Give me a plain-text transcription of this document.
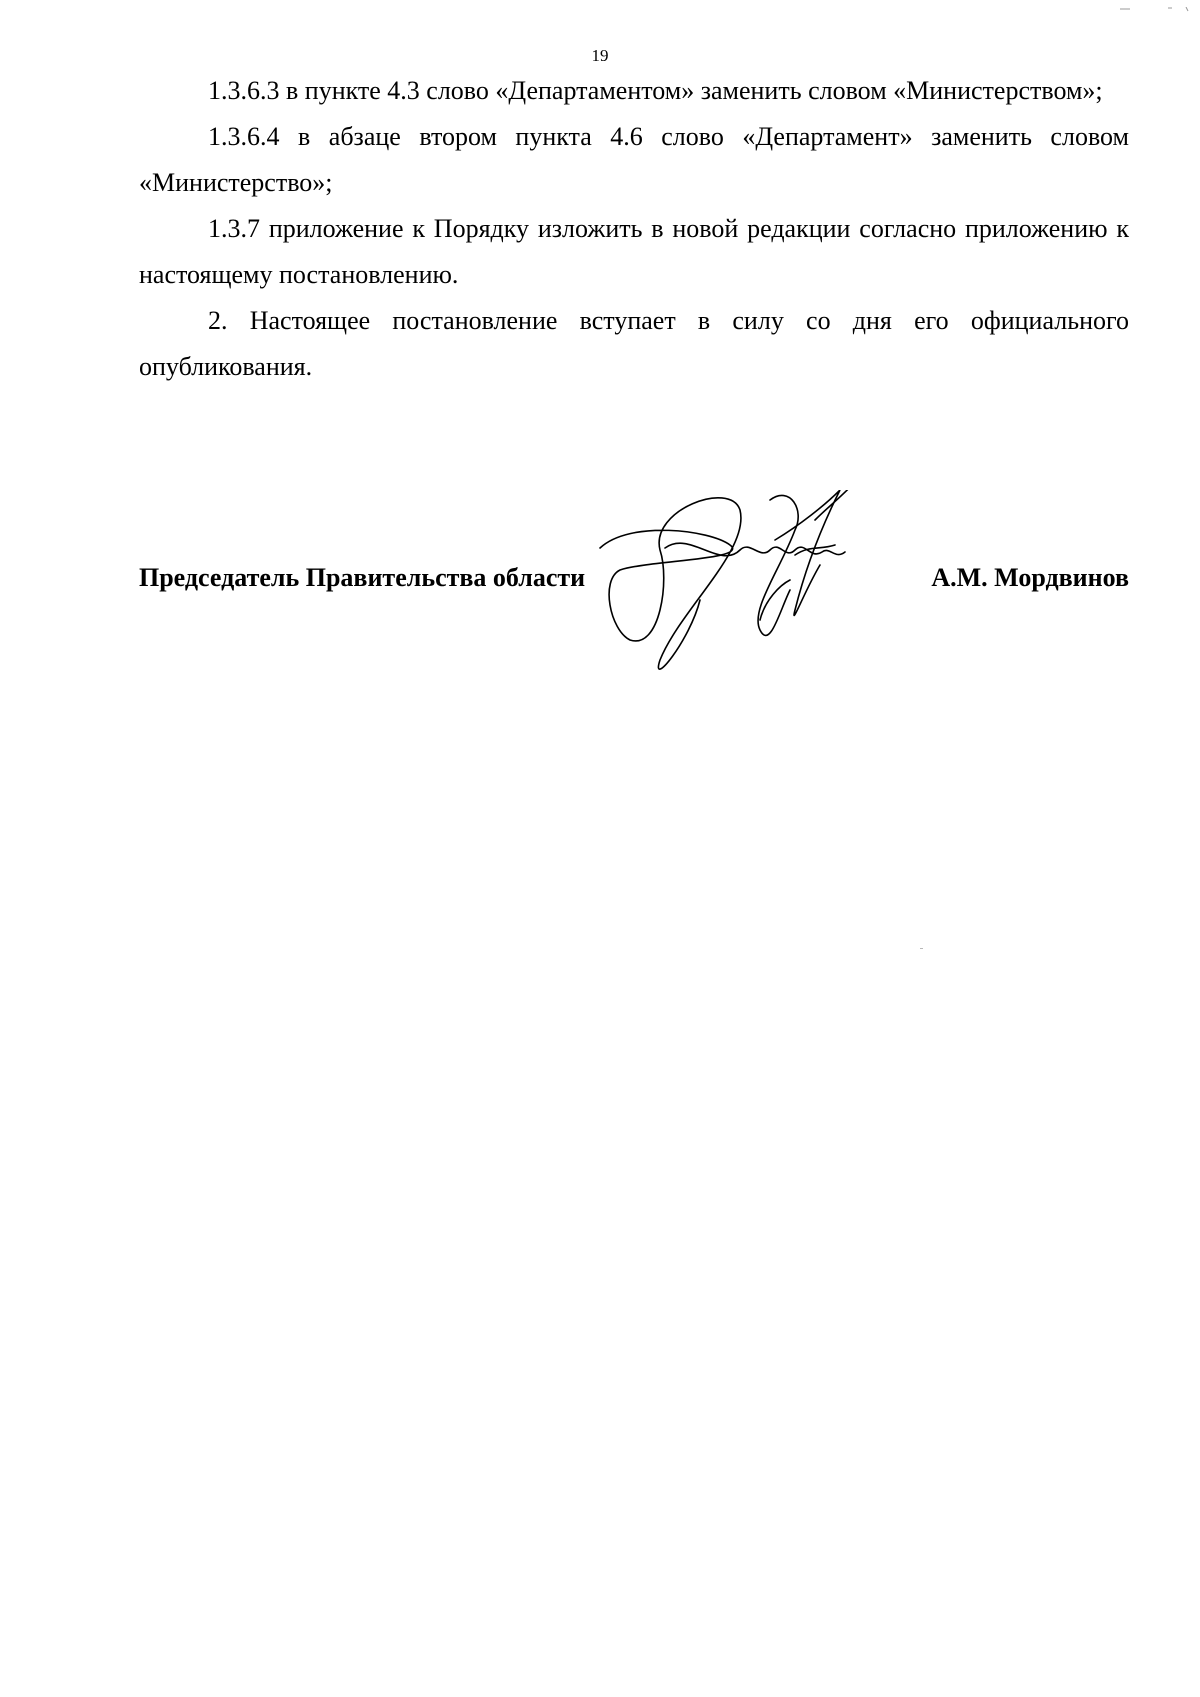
19

1.3.6.3 в пункте 4.3 слово «Департаментом» заменить словом «Министерством»;

1.3.6.4 в абзаце втором пункта 4.6 слово «Департамент» заменить словом «Министерство»;

1.3.7 приложение к Порядку изложить в новой редакции согласно приложению к настоящему постановлению.

2. Настоящее постановление вступает в силу со дня его официального опубликования.

Председатель Правительства области	А.М. Мордвинов
